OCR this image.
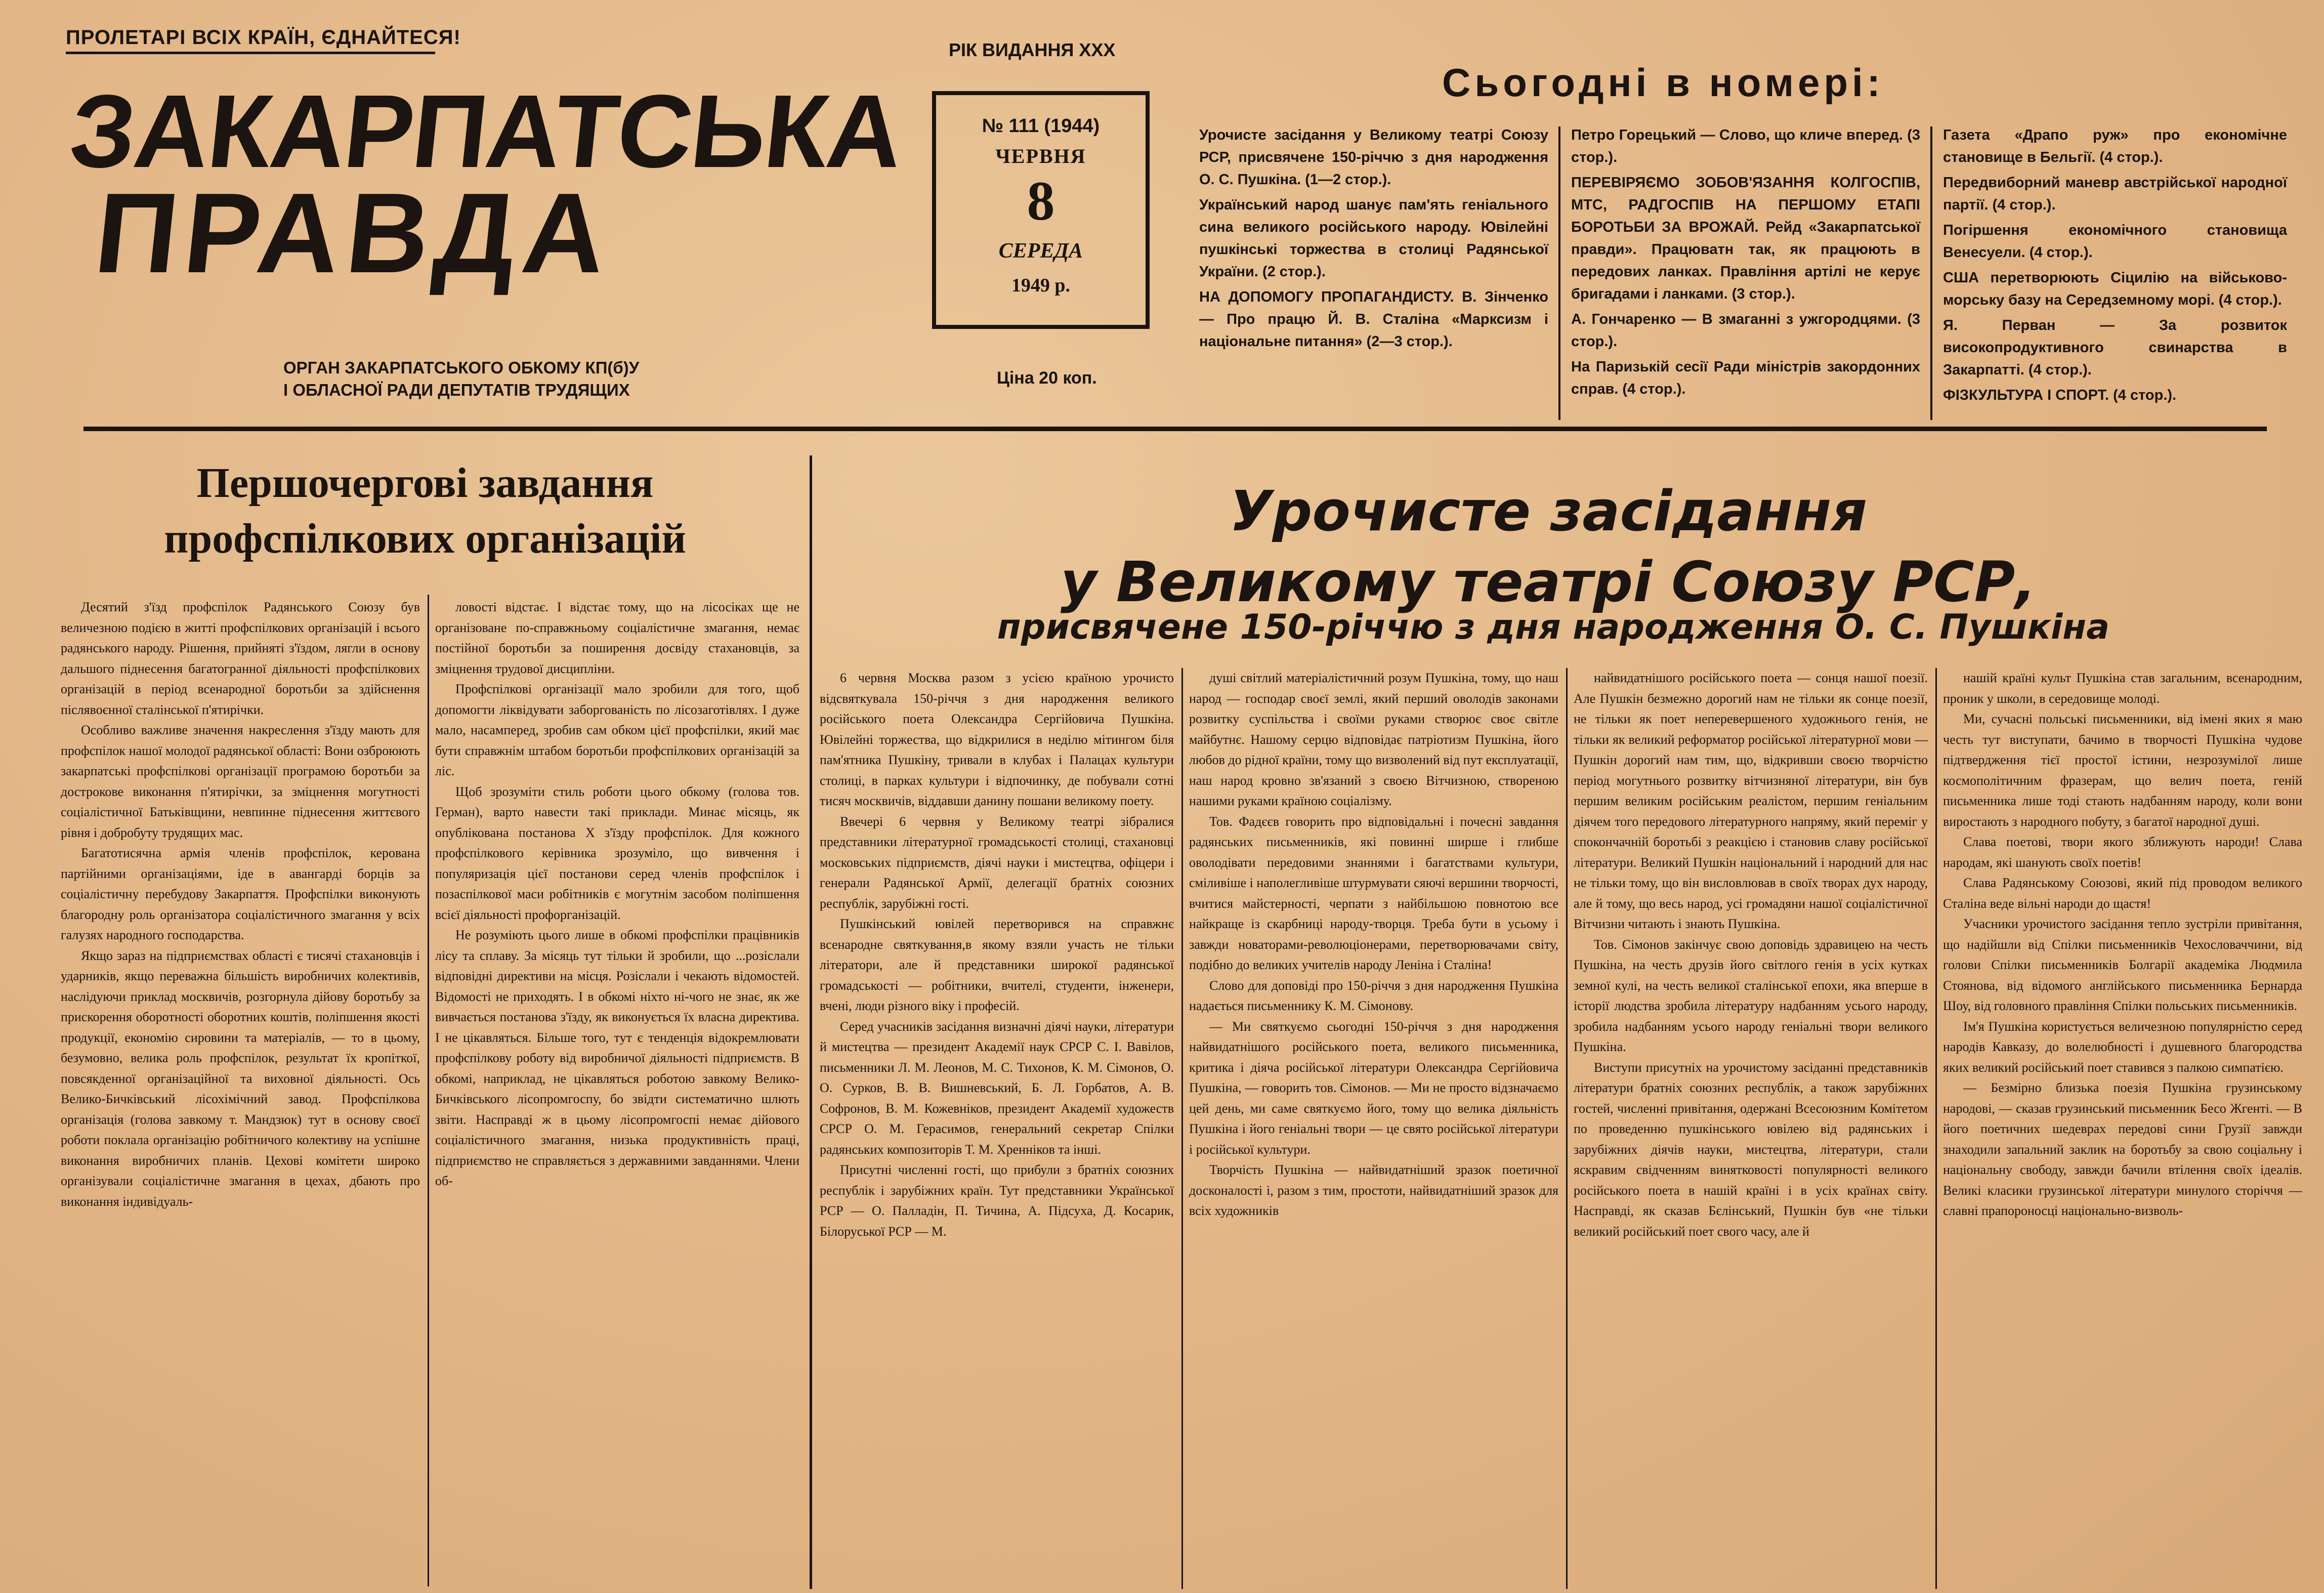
ПРОЛЕТАРІ ВСІХ КРАЇН, ЄДНАЙТЕСЯ!
ЗАКАРПАТСЬКА
ПРАВДА
ОРГАН ЗАКАРПАТСЬКОГО ОБКОМУ КП(б)У
І ОБЛАСНОЇ РАДИ ДЕПУТАТІВ ТРУДЯЩИХ
РІК ВИДАННЯ XXX
№ 111 (1944)
ЧЕРВНЯ
8
СЕРЕДА
1949 р.
Ціна 20 коп.
Сьогодні в номері:

Урочисте засідання у Великому театрі Союзу РСР, присвячене 150-річчю з дня народження О. С. Пушкіна. (1—2 стор.).

Український народ шанує пам'ять геніального сина великого російського народу. Ювілейні пушкінські торжества в столиці Радянської України. (2 стор.).

НА ДОПОМОГУ ПРОПАГАНДИСТУ. В. Зінченко — Про працю Й. В. Сталіна «Марксизм і національне питання» (2—3 стор.).

Петро Горецький — Слово, що кличе вперед. (3 стор.).

ПЕРЕВІРЯЄМО ЗОБОВ'ЯЗАННЯ КОЛГОСПІВ, МТС, РАДГОСПІВ НА ПЕРШОМУ ЕТАПІ БОРОТЬБИ ЗА ВРОЖАЙ. Рейд «Закарпатської правди». Працюватн так, як працюють в передових ланках. Правління артілі не керує бригадами і ланками. (3 стор.).

А. Гончаренко — В змаганні з ужгородцями. (3 стор.).

На Паризькій сесії Ради міністрів закордонних справ. (4 стор.).

Газета «Драпо руж» про економічне становище в Бельгії. (4 стор.).

Передвиборний маневр австрійської народної партії. (4 стор.).

Погіршення економічного становища Венесуели. (4 стор.).

США перетворюють Сіцилію на військово-морську базу на Середземному морі. (4 стор.).

Я. Перван — За розвиток високопродуктивного свинарства в Закарпатті. (4 стор.).

ФІЗКУЛЬТУРА І СПОРТ. (4 стор.).

Першочергові завдання профспілкових організацій

Десятий з'їзд профспілок Радянського Союзу був величезною подією в житті профспілкових організацій і всього радянського народу. Рішення, прийняті з'їздом, лягли в основу дальшого піднесення багатогранної діяльності профспілкових організацій в період всенародної боротьби за здійснення післявоєнної сталінської п'ятирічки.

Особливо важливе значення накреслення з'їзду мають для профспілок нашої молодої радянської області: Вони озброюють закарпатські профспілкові організації програмою боротьби за дострокове виконання п'ятирічки, за зміцнення могутності соціалістичної Батьківщини, невпинне піднесення життєвого рівня і добробуту трудящих мас.

Багатотисячна армія членів профспілок, керована партійними організаціями, іде в авангарді борців за соціалістичну перебудову Закарпаття. Профспілки виконують благородну роль організатора соціалістичного змагання у всіх галузях народного господарства.

Якщо зараз на підприємствах області є тисячі стахановців і ударників, якщо переважна більшість виробничих колективів, наслідуючи приклад москвичів, розгорнула дійову боротьбу за прискорення оборотності оборотних коштів, поліпшення якості продукції, економію сировини та матеріалів, — то в цьому, безумовно, велика роль профспілок, результат їх кропіткої, повсякденної організаційної та виховної діяльності. Ось Велико-Бичківський лісохімічний завод. Профспілкова організація (голова завкому т. Мандзюк) тут в основу своєї роботи поклала організацію робітничого колективу на успішне виконання виробничих планів. Цехові комітети широко організували соціалістичне змагання в цехах, дбають про виконання індивідуаль-

ловості відстає. І відстає тому, що на лісосіках ще не організоване по-справжньому соціалістичне змагання, немає постійної боротьби за поширення досвіду стахановців, за зміцнення трудової дисципліни.

Профспілкові організації мало зробили для того, щоб допомогти ліквідувати заборгованість по лісозаготівлях. І дуже мало, насамперед, зробив сам обком цієї профспілки, який має бути справжнім штабом боротьби профспілкових організацій за ліс.

Щоб зрозуміти стиль роботи цього обкому (голова тов. Герман), варто навести такі приклади. Минає місяць, як опублікована постанова X з'їзду профспілок. Для кожного профспілкового керівника зрозуміло, що вивчення і популяризація цієї постанови серед членів профспілок і позаспілкової маси робітників є могутнім засобом поліпшення всієї діяльності профорганізацій.

Не розуміють цього лише в обкомі профспілки працівників лісу та сплаву. За місяць тут тільки й зробили, що ...розіслали відповідні директиви на місця. Розіслали і чекають відомостей. Відомості не приходять. І в обкомі ніхто ні-чого не знає, як же вивчається постанова з'їзду, як виконується їх власна директива. І не цікавляться. Більше того, тут є тенденція відокремлювати профспілкову роботу від виробничої діяльності підприємств. В обкомі, наприклад, не цікавляться роботою завкому Велико-Бичківського лісопромгоспу, бо звідти систематично шлють звіти. Насправді ж в цьому лісопромгоспі немає дійового соціалістичного змагання, низька продуктивність праці, підприємство не справляється з державними завданнями. Члени об-

Урочисте засідання
у Великому театрі Союзу РСР,
присвячене 150-річчю з дня народження О. С. Пушкіна

6 червня Москва разом з усією країною урочисто відсвяткувала 150-річчя з дня народження великого російського поета Олександра Сергійовича Пушкіна. Ювілейні торжества, що відкрилися в неділю мітингом біля пам'ятника Пушкіну, тривали в клубах і Палацах культури столиці, в парках культури і відпочинку, де побували сотні тисяч москвичів, віддавши данину пошани великому поету.

Ввечері 6 червня у Великому театрі зібралися представники літературної громадськості столиці, стахановці московських підприємств, діячі науки і мистецтва, офіцери і генерали Радянської Армії, делегації братніх союзних республік, зарубіжні гості.

Пушкінський ювілей перетворився на справжнє всенародне святкування,в якому взяли участь не тільки літератори, але й представники широкої радянської громадськості — робітники, вчителі, студенти, інженери, вчені, люди різного віку і професій.

Серед учасників засідання визначні діячі науки, літератури й мистецтва — президент Академії наук СРСР С. І. Вавілов, письменники Л. М. Леонов, М. С. Тихонов, К. М. Сімонов, О. О. Сурков, В. В. Вишневський, Б. Л. Горбатов, А. В. Софронов, В. М. Кожевніков, президент Академії художеств СРСР О. М. Герасимов, генеральний секретар Спілки радянських композиторів Т. М. Хренніков та інші.

Присутні численні гості, що прибули з братніх союзних республік і зарубіжних країн. Тут представники Української РСР — О. Палладін, П. Тичина, А. Підсуха, Д. Косарик, Білоруської РСР — М.

душі світлий матеріалістичний розум Пушкіна, тому, що наш народ — господар своєї землі, який перший оволодів законами розвитку суспільства і своїми руками створює своє світле майбутнє. Нашому серцю відповідає патріотизм Пушкіна, його любов до рідної країни, тому що визволений від пут експлуатації, наш народ кровно зв'язаний з своєю Вітчизною, створеною нашими руками країною соціалізму.

Тов. Фадєєв говорить про відповідальні і почесні завдання радянських письменників, які повинні ширше і глибше оволодівати передовими знаннями і багатствами культури, сміливіше і наполегливіше штурмувати сяючі вершини творчості, вчитися майстерності, черпати з найбільшою повнотою все найкраще із скарбниці народу-творця. Треба бути в усьому і завжди новаторами-революціонерами, перетворювачами світу, подібно до великих учителів народу Леніна і Сталіна!

Слово для доповіді про 150-річчя з дня народження Пушкіна надається письменнику К. М. Сімонову.

— Ми святкуємо сьогодні 150-річчя з дня народження найвидатнішого російського поета, великого письменника, критика і діяча російської літератури Олександра Сергійовича Пушкіна, — говорить тов. Сімонов. — Ми не просто відзначаємо цей день, ми саме святкуємо його, тому що велика діяльність Пушкіна і його геніальні твори — це свято російської літератури і російської культури.

Творчість Пушкіна — найвидатніший зразок поетичної досконалості і, разом з тим, простоти, найвидатніший зразок для всіх художників

найвидатнішого російського поета — сонця нашої поезії. Але Пушкін безмежно дорогий нам не тільки як сонце поезії, не тільки як поет неперевершеного художнього генія, не тільки як великий реформатор російської літературної мови — Пушкін дорогий нам тим, що, відкривши своєю творчістю період могутнього розвитку вітчизняної літератури, він був першим великим російським реалістом, першим геніальним діячем того передового літературного напряму, який переміг у спокончачній боротьбі з реакцією і становив славу російської літератури. Великий Пушкін національний і народний для нас не тільки тому, що він висловлював в своїх творах дух народу, але й тому, що весь народ, усі громадяни нашої соціалістичної Вітчизни читають і знають Пушкіна.

Тов. Сімонов закінчує свою доповідь здравицею на честь Пушкіна, на честь друзів його світлого генія в усіх кутках земної кулі, на честь великої сталінської епохи, яка вперше в історії людства зробила літературу надбанням усього народу, зробила надбанням усього народу геніальні твори великого Пушкіна.

Виступи присутніх на урочистому засіданні представників літератури братніх союзних республік, а також зарубіжних гостей, численні привітання, одержані Всесоюзним Комітетом по проведенню пушкінського ювілею від радянських і зарубіжних діячів науки, мистецтва, літератури, стали яскравим свідченням винятковості популярності великого російського поета в нашій країні і в усіх країнах світу. Насправді, як сказав Бєлінський, Пушкін був «не тільки великий російський поет свого часу, але й

нашій країні культ Пушкіна став загальним, всенародним, проник у школи, в середовище молоді.

Ми, сучасні польські письменники, від імені яких я маю честь тут виступати, бачимо в творчості Пушкіна чудове підтвердження тієї простої істини, незрозумілої лише космополітичним фразерам, що велич поета, геній письменника лише тоді стають надбанням народу, коли вони виростають з народного побуту, з багатої народної душі.

Слава поетові, твори якого зближують народи! Слава народам, які шанують своїх поетів!

Слава Радянському Союзові, який під проводом великого Сталіна веде вільні народи до щастя!

Учасники урочистого засідання тепло зустріли привітання, що надійшли від Спілки письменників Чехословаччини, від голови Спілки письменників Болгарії академіка Людмила Стоянова, від відомого англійського письменника Бернарда Шоу, від головного правління Спілки польських письменників.

Ім'я Пушкіна користується величезною популярністю серед народів Кавказу, до волелюбності і душевного благородства яких великий російський поет ставився з палкою симпатією.

— Безмірно близька поезія Пушкіна грузинському народові, — сказав грузинський письменник Бесо Жгенті. — В його поетичних шедеврах передові сини Грузії завжди знаходили запальний заклик на боротьбу за свою соціальну і національну свободу, завжди бачили втілення своїх ідеалів. Великі класики грузинської літератури минулого сторіччя — славні прапороносці національно-визволь-
